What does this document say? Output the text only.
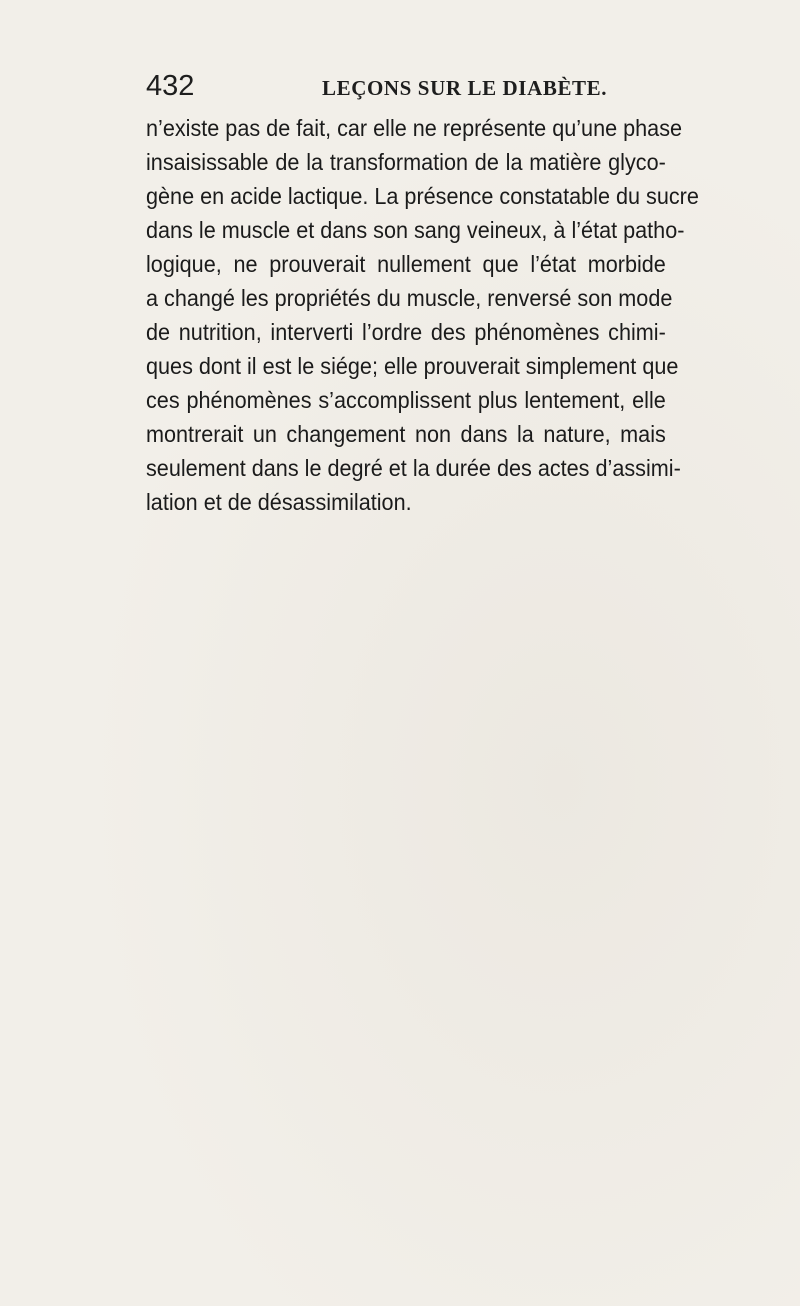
432	LEÇONS SUR LE DIABÈTE.
n’existe pas de fait, car elle ne représente qu’une phase
insaisissable de la transformation de la matière glyco-
gène en acide lactique. La présence constatable du sucre
dans le muscle et dans son sang veineux, à l’état patho-
logique, ne prouverait nullement que l’état morbide
a changé les propriétés du muscle, renversé son mode
de nutrition, interverti l’ordre des phénomènes chimi-
ques dont il est le siége; elle prouverait simplement que
ces phénomènes s’accomplissent plus lentement, elle
montrerait un changement non dans la nature, mais
seulement dans le degré et la durée des actes d’assimi-
lation et de désassimilation.
